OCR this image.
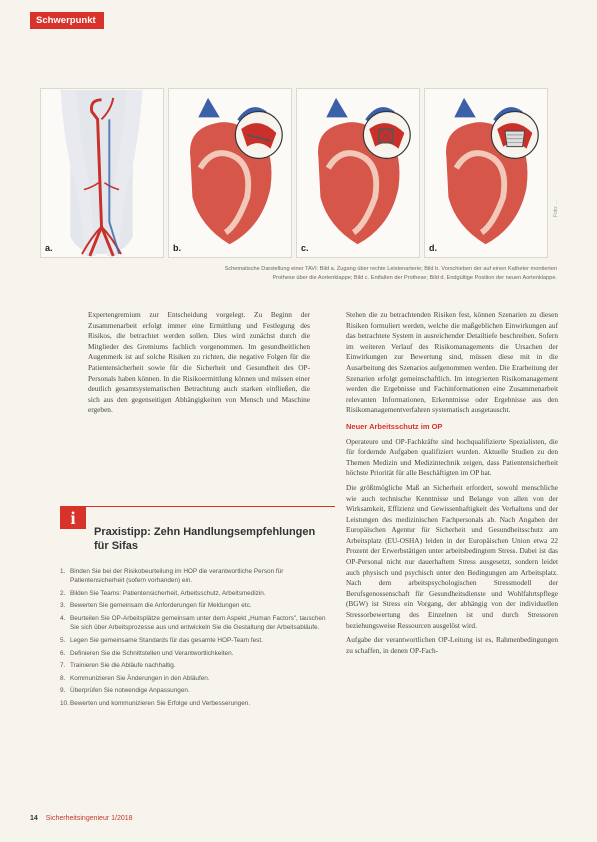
Schwerpunkt
a.	b.	c.	d.
Foto: ...
Schematische Darstellung einer TAVI: Bild a. Zugang über rechte Leistenarterie; Bild b. Vorschieben der auf einen Katheter montierten
Prothese über die Aortenklappe; Bild c. Entfalten der Prothese; Bild d. Endgültige Position der neuen Aortenklappe.

Expertengremium zur Entscheidung vorgelegt. Zu Beginn der Zusammenarbeit erfolgt immer eine Ermittlung und Festlegung des Risikos, die betrachtet werden sollen. Dies wird zunächst durch die Mitglieder des Gremiums fachlich vorgenommen. Im gesundheitlichen Augenmerk ist auf solche Risiken zu richten, die negative Folgen für die Patientensicherheit sowie für die Sicherheit und Gesundheit des OP-Personals haben können. In die Risikoermittlung können und müssen einer deutlich gesamtsystematischen Betrachtung auch starken einfließen, die sich aus den gegenseitigen Abhängigkeiten von Mensch und Maschine ergeben.

Stehen die zu betrachtenden Risiken fest, können Szenarien zu diesen Risiken formuliert werden, welche die maßgeblichen Einwirkungen auf das betrachtete System in ausreichender Detailtiefe beschreiben. Sofern im weiteren Verlauf des Risikomanagements die Ursachen der Einwirkungen zur Bewertung sind, müssen diese mit in die Ausarbeitung des Szenarios aufgenommen werden. Die Erarbeitung der Szenarien erfolgt gemeinschaftlich. Im integrierten Risikomanagement werden die Ergebnisse und Fachinformationen eine Zusammenarbeit relevanten Informationen, Erkenntnisse oder Ergebnisse aus den Risikomanagementverfahren systematisch ausgetauscht.

Neuer Arbeitsschutz im OP

Operateure und OP-Fachkräfte sind hochqualifizierte Spezialisten, die für fordernde Aufgaben qualifiziert wurden. Aktuelle Studien zu den Themen Medizin und Medizintechnik zeigen, dass Patientensicherheit höchste Priorität für alle Beschäftigten im OP hat.

Die größtmögliche Maß an Sicherheit erfordert, sowohl menschliche wie auch technische Kenntnisse und Belange von allen von der Wirksamkeit, Effizienz und Gewissenhaftigkeit des Verhaltens und der Leistungen des medizinischen Fachpersonals ab. Nach Angaben der Europäischen Agentur für Sicherheit und Gesundheitsschutz am Arbeitsplatz (EU-OSHA) leiden in der Europäischen Union etwa 22 Prozent der Erwerbstätigen unter arbeitsbedingtem Stress. Dabei ist das OP-Personal nicht nur dauerhaftem Stress ausgesetzt, sondern leidet auch physisch und psychisch unter den Bedingungen am Arbeitsplatz. Nach dem arbeitspsychologischen Stressmodell der Berufsgenossenschaft für Gesundheitsdienste und Wohlfahrtspflege (BGW) ist Stress ein Vorgang, der abhängig von der individuellen Stressorbewertung des Einzelnen ist und durch Stressoren beziehungsweise Ressourcen ausgelöst wird.

Aufgabe der verantwortlichen OP-Leitung ist es, Rahmenbedingungen zu schaffen, in denen OP-Fach-

i
Praxistipp: Zehn Handlungsempfehlungen für Sifas
1. Binden Sie bei der Risikobeurteilung im HOP die verantwortliche Person für Patientensicherheit (sofern vorhanden) ein.
2. Bilden Sie Teams: Patientensicherheit, Arbeitsschutz, Arbeitsmedizin.
3. Bewerten Sie gemeinsam die Anforderungen für Meldungen etc.
4. Beurteilen Sie OP-Arbeitsplätze gemeinsam unter dem Aspekt „Human Factors", tauschen Sie sich über Arbeitsprozesse aus und entwickeln Sie die Gestaltung der Arbeitsabläufe.
5. Legen Sie gemeinsame Standards für das gesamte HOP-Team fest.
6. Definieren Sie die Schnittstellen und Verantwortlichkeiten.
7. Trainieren Sie die Abläufe nachhaltig.
8. Kommunizieren Sie Änderungen in den Abläufen.
9. Überprüfen Sie notwendige Anpassungen.
10. Bewerten und kommunizieren Sie Erfolge und Verbesserungen.
14 Sicherheitsingenieur 1/2018
